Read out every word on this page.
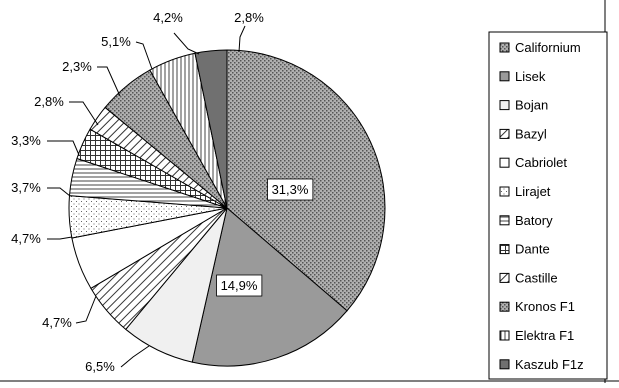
31,3%
14,9%
6,5%
4,7%
4,7%
3,7%
3,3%
2,8%
2,3%
5,1%
4,2%	2,8%
Californium
Lisek
Bojan
Bazyl
Cabriolet
Lirajet
Batory
Dante
Castille
Kronos F1
Elektra F1
Kaszub F1z
